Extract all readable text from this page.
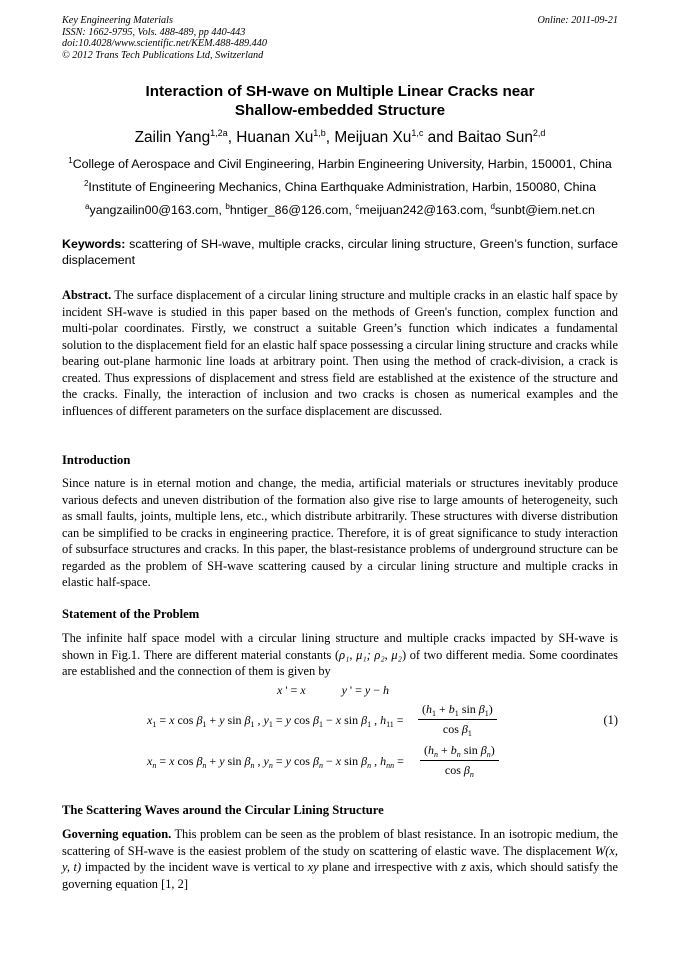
Key Engineering Materials
ISSN: 1662-9795, Vols. 488-489, pp 440-443
doi:10.4028/www.scientific.net/KEM.488-489.440
© 2012 Trans Tech Publications Ltd, Switzerland
Online: 2011-09-21
Interaction of SH-wave on Multiple Linear Cracks near
Shallow-embedded Structure
Zailin Yang$^{1,2a}$, Huanan Xu$^{1,b}$, Meijuan Xu$^{1,c}$ and Baitao Sun$^{2,d}$
$^1$College of Aerospace and Civil Engineering, Harbin Engineering University, Harbin, 150001, China
$^2$Institute of Engineering Mechanics, China Earthquake Administration, Harbin, 150080, China
$^a$yangzailin00@163.com, $^b$hntiger_86@126.com, $^c$meijuan242@163.com, $^d$sunbt@iem.net.cn
Keywords: scattering of SH-wave, multiple cracks, circular lining structure, Green’s function, surface displacement
Abstract. The surface displacement of a circular lining structure and multiple cracks in an elastic half space by incident SH-wave is studied in this paper based on the methods of Green's function, complex function and multi-polar coordinates. Firstly, we construct a suitable Green’s function which indicates a fundamental solution to the displacement field for an elastic half space possessing a circular lining structure and cracks while bearing out-plane harmonic line loads at arbitrary point. Then using the method of crack-division, a crack is created. Thus expressions of displacement and stress field are established at the existence of the structure and the cracks. Finally, the interaction of inclusion and two cracks is chosen as numerical examples and the influences of different parameters on the surface displacement are discussed.
Introduction
Since nature is in eternal motion and change, the media, artificial materials or structures inevitably produce various defects and uneven distribution of the formation also give rise to large amounts of heterogeneity, such as small faults, joints, multiple lens, etc., which distribute arbitrarily. These structures with diverse distribution can be simplified to be cracks in engineering practice. Therefore, it is of great significance to study interaction of subsurface structures and cracks. In this paper, the blast-resistance problems of underground structure can be regarded as the problem of SH-wave scattering caused by a circular lining structure and multiple cracks in elastic half-space.
Statement of the Problem
The infinite half space model with a circular lining structure and multiple cracks impacted by SH-wave is shown in Fig.1. There are different material constants (ρ₁, μ₁; ρ₂, μ₂) of two different media. Some coordinates are established and the connection of them is given by
x ' = x	y ' = y − h
$x_1 = x$ $\cos \beta_1 + y$ $\sin \beta_1$ , $y_1 = y$ $\cos \beta_1 - x$ $\sin \beta_1$ , $h_{11} = \frac{(h_1 + b_1 \sin \beta_1)}{\cos \beta_1}$	(1)
$x_n = x$ $\cos \beta_n + y$ $\sin \beta_n$ , $y_n = y$ $\cos \beta_n - x$ $\sin \beta_n$ , $h_{nn} = \frac{(h_n + b_n \sin \beta_n)}{\cos \beta_n}$
The Scattering Waves around the Circular Lining Structure
Governing equation. This problem can be seen as the problem of blast resistance. In an isotropic medium, the scattering of SH-wave is the easiest problem of the study on scattering of elastic wave. The displacement W(x, y, t) impacted by the incident wave is vertical to xy plane and irrespective with z axis, which should satisfy the governing equation [1, 2]
